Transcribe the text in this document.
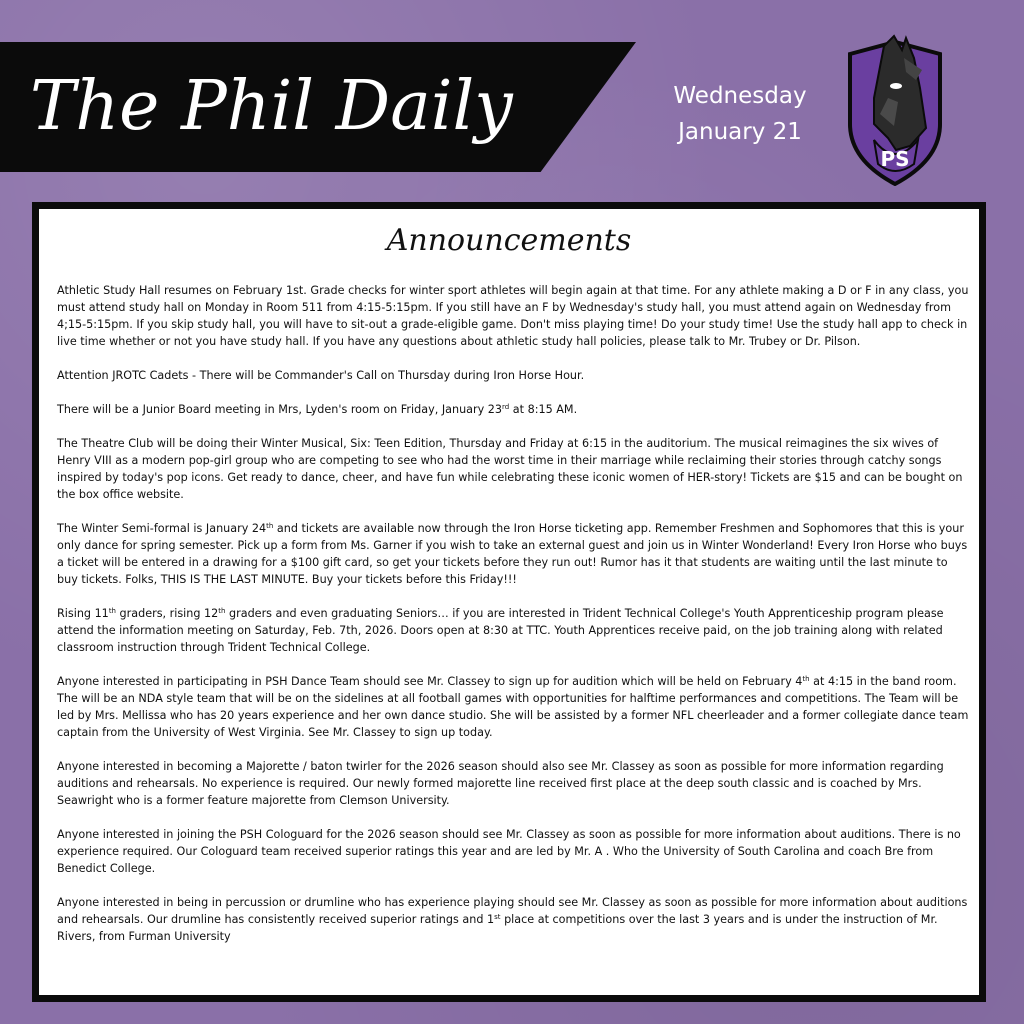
The Phil Daily	Wednesday
January 21
PS
Announcements

Athletic Study Hall resumes on February 1st. Grade checks for winter sport athletes will begin again at that time. For any athlete making a D or F in any class, you must attend study hall on Monday in Room 511 from 4:15-5:15pm. If you still have an F by Wednesday's study hall, you must attend again on Wednesday from 4;15-5:15pm. If you skip study hall, you will have to sit-out a grade-eligible game. Don't miss playing time! Do your study time! Use the study hall app to check in live time whether or not you have study hall. If you have any questions about athletic study hall policies, please talk to Mr. Trubey or Dr. Pilson.

Attention JROTC Cadets - There will be Commander's Call on Thursday during Iron Horse Hour.

There will be a Junior Board meeting in Mrs, Lyden's room on Friday, January 23rd at 8:15 AM.

The Theatre Club will be doing their Winter Musical, Six: Teen Edition, Thursday and Friday at 6:15 in the auditorium. The musical reimagines the six wives of Henry VIII as a modern pop-girl group who are competing to see who had the worst time in their marriage while reclaiming their stories through catchy songs inspired by today's pop icons. Get ready to dance, cheer, and have fun while celebrating these iconic women of HER-story! Tickets are $15 and can be bought on the box office website.

The Winter Semi-formal is January 24th and tickets are available now through the Iron Horse ticketing app. Remember Freshmen and Sophomores that this is your only dance for spring semester. Pick up a form from Ms. Garner if you wish to take an external guest and join us in Winter Wonderland! Every Iron Horse who buys a ticket will be entered in a drawing for a $100 gift card, so get your tickets before they run out! Rumor has it that students are waiting until the last minute to buy tickets. Folks, THIS IS THE LAST MINUTE. Buy your tickets before this Friday!!!

Rising 11th graders, rising 12th graders and even graduating Seniors… if you are interested in Trident Technical College's Youth Apprenticeship program please attend the information meeting on Saturday, Feb. 7th, 2026. Doors open at 8:30 at TTC. Youth Apprentices receive paid, on the job training along with related classroom instruction through Trident Technical College.

Anyone interested in participating in PSH Dance Team should see Mr. Classey to sign up for audition which will be held on February 4th at 4:15 in the band room. The will be an NDA style team that will be on the sidelines at all football games with opportunities for halftime performances and competitions. The Team will be led by Mrs. Mellissa who has 20 years experience and her own dance studio. She will be assisted by a former NFL cheerleader and a former collegiate dance team captain from the University of West Virginia. See Mr. Classey to sign up today.

Anyone interested in becoming a Majorette / baton twirler for the 2026 season should also see Mr. Classey as soon as possible for more information regarding auditions and rehearsals. No experience is required. Our newly formed majorette line received first place at the deep south classic and is coached by Mrs. Seawright who is a former feature majorette from Clemson University.

Anyone interested in joining the PSH Cologuard for the 2026 season should see Mr. Classey as soon as possible for more information about auditions. There is no experience required. Our Cologuard team received superior ratings this year and are led by Mr. A . Who the University of South Carolina and coach Bre from Benedict College.

Anyone interested in being in percussion or drumline who has experience playing should see Mr. Classey as soon as possible for more information about auditions and rehearsals. Our drumline has consistently received superior ratings and 1st place at competitions over the last 3 years and is under the instruction of Mr. Rivers, from Furman University
